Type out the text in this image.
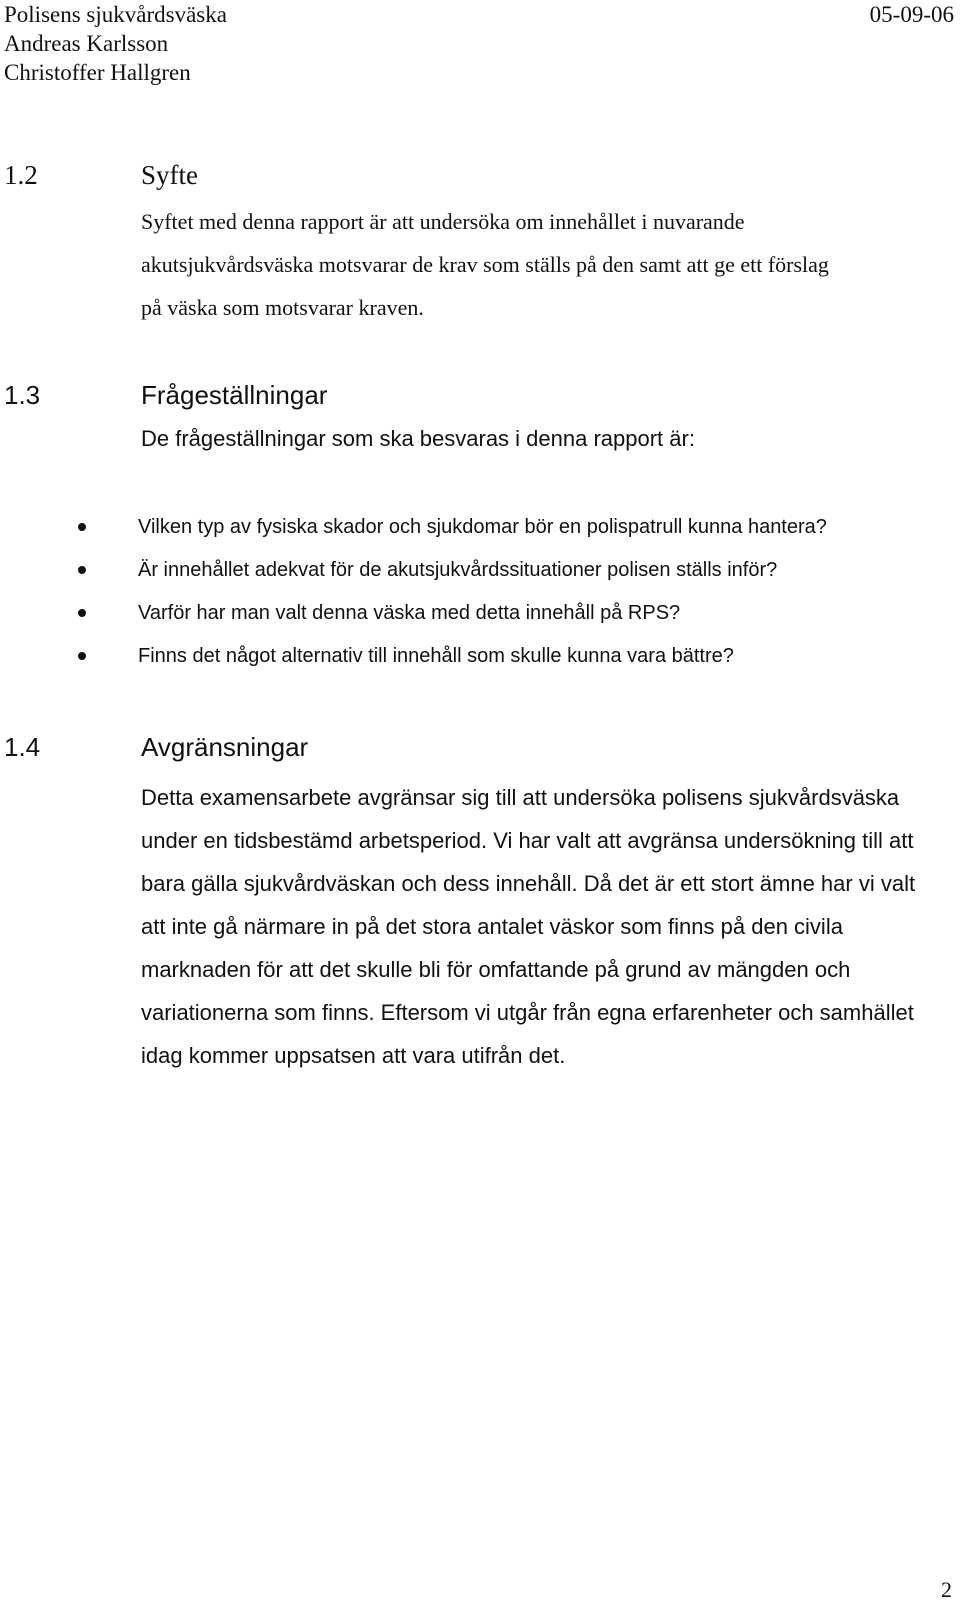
Polisens sjukvårdsväska	05-09-06
Andreas Karlsson
Christoffer Hallgren
1.2	Syfte
Syftet med denna rapport är att undersöka om innehållet i nuvarande
akutsjukvårdsväska motsvarar de krav som ställs på den samt att ge ett förslag
på väska som motsvarar kraven.
1.3	Frågeställningar
De frågeställningar som ska besvaras i denna rapport är:
Vilken typ av fysiska skador och sjukdomar bör en polispatrull kunna hantera?
Är innehållet adekvat för de akutsjukvårdssituationer polisen ställs inför?
Varför har man valt denna väska med detta innehåll på RPS?
Finns det något alternativ till innehåll som skulle kunna vara bättre?
1.4	Avgränsningar
Detta examensarbete avgränsar sig till att undersöka polisens sjukvårdsväska
under en tidsbestämd arbetsperiod. Vi har valt att avgränsa undersökning till att
bara gälla sjukvårdväskan och dess innehåll. Då det är ett stort ämne har vi valt
att inte gå närmare in på det stora antalet väskor som finns på den civila
marknaden för att det skulle bli för omfattande på grund av mängden och
variationerna som finns. Eftersom vi utgår från egna erfarenheter och samhället
idag kommer uppsatsen att vara utifrån det.
2
